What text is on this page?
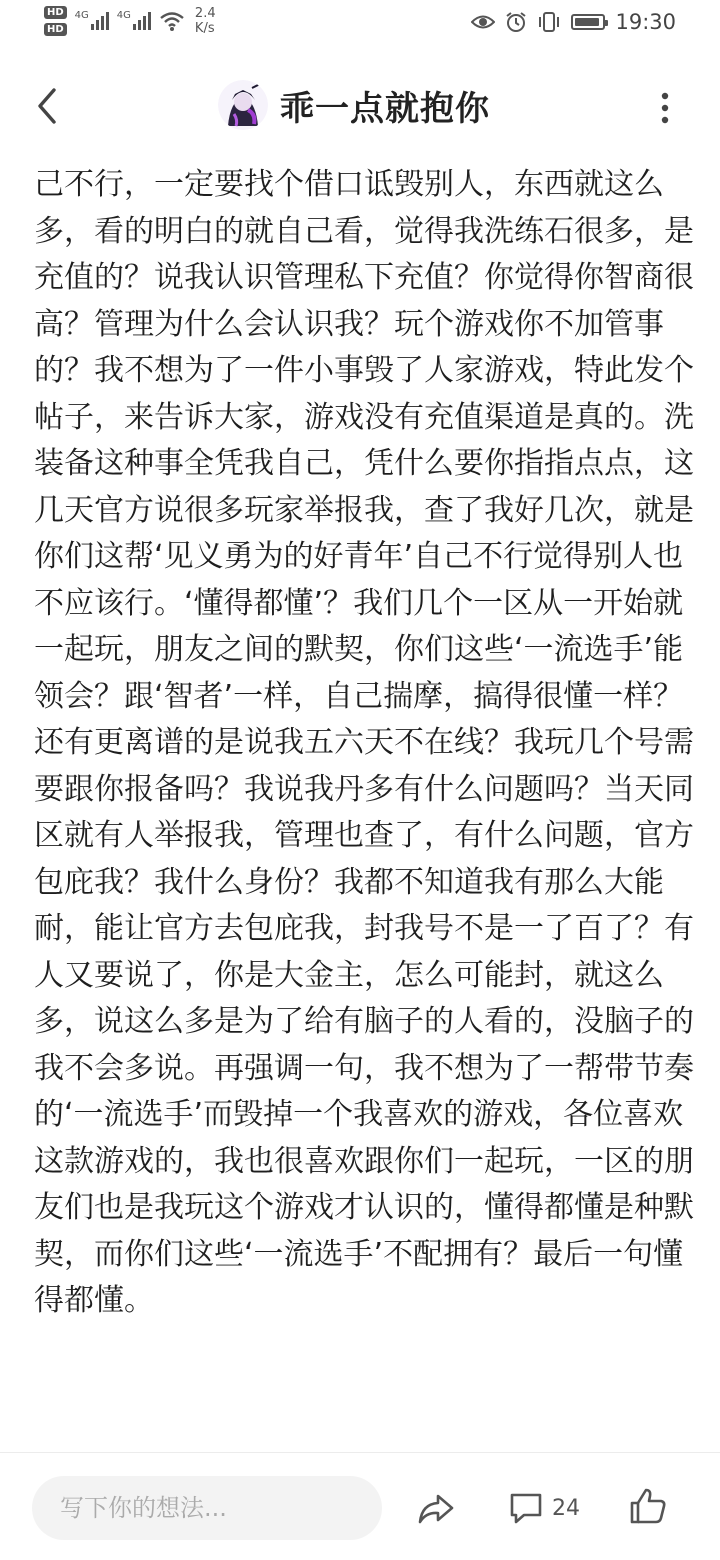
HD
HD
4G	4G	2.4
K/s	19:30
乖一点就抱你
己不行，一定要找个借口诋毁别人，东西就这么多，看的明白的就自己看，觉得我洗练石很多，是充值的？说我认识管理私下充值？你觉得你智商很高？管理为什么会认识我？玩个游戏你不加管事的？我不想为了一件小事毁了人家游戏，特此发个帖子，来告诉大家，游戏没有充值渠道是真的。洗装备这种事全凭我自己，凭什么要你指指点点，这几天官方说很多玩家举报我，查了我好几次，就是你们这帮‘见义勇为的好青年’自己不行觉得别人也不应该行。‘懂得都懂’？我们几个一区从一开始就一起玩，朋友之间的默契，你们这些‘一流选手’能领会？跟‘智者’一样，自己揣摩，搞得很懂一样？还有更离谱的是说我五六天不在线？我玩几个号需要跟你报备吗？我说我丹多有什么问题吗？当天同区就有人举报我，管理也查了，有什么问题，官方包庇我？我什么身份？我都不知道我有那么大能耐，能让官方去包庇我，封我号不是一了百了？有人又要说了，你是大金主，怎么可能封，就这么多，说这么多是为了给有脑子的人看的，没脑子的我不会多说。再强调一句，我不想为了一帮带节奏的‘一流选手’而毁掉一个我喜欢的游戏，各位喜欢这款游戏的，我也很喜欢跟你们一起玩，一区的朋友们也是我玩这个游戏才认识的，懂得都懂是种默契，而你们这些‘一流选手’不配拥有？最后一句懂得都懂。
写下你的想法...
24
